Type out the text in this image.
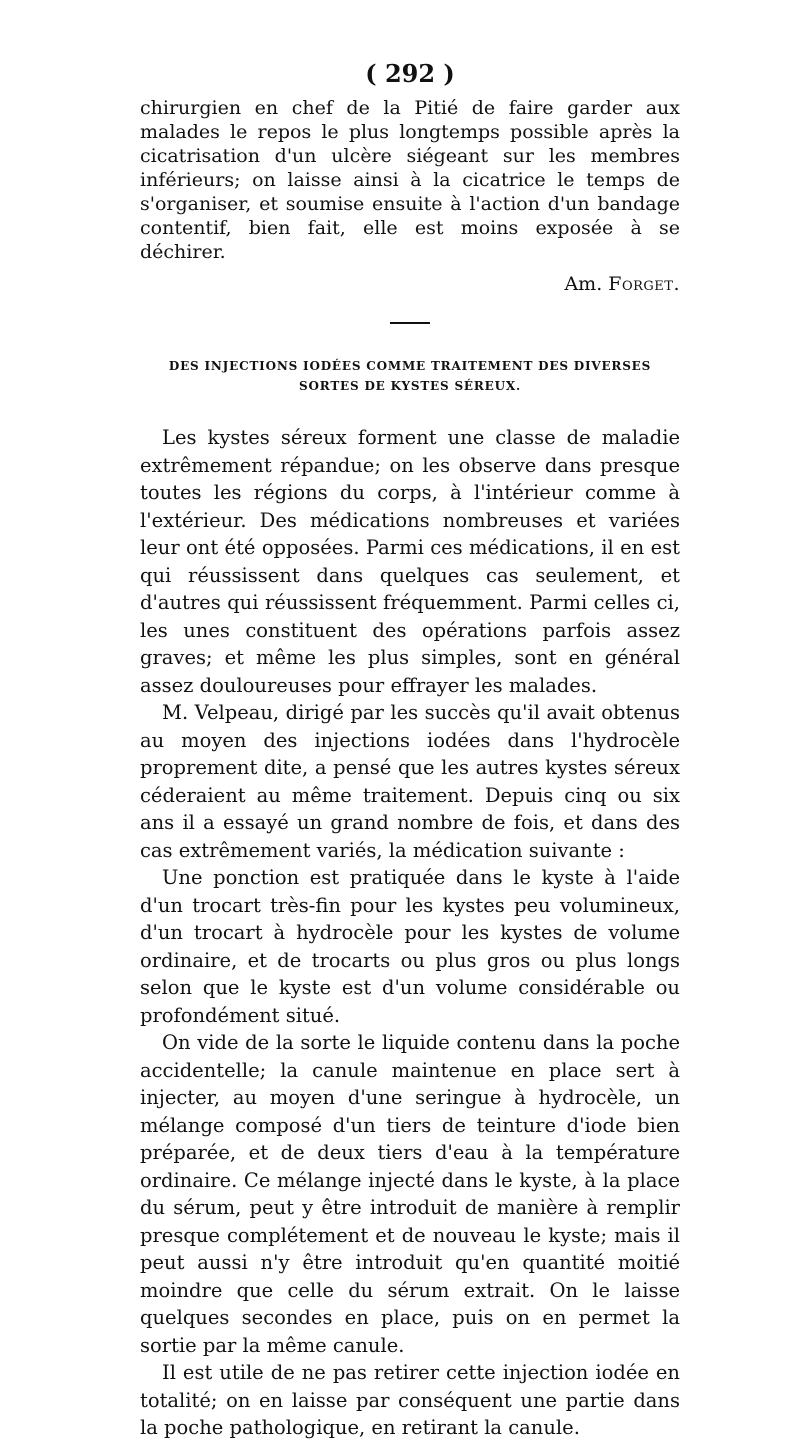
( 292 )

chirurgien en chef de la Pitié de faire garder aux malades le repos le plus longtemps possible après la cicatrisation d'un ulcère siégeant sur les membres inférieurs; on laisse ainsi à la cicatrice le temps de s'organiser, et soumise ensuite à l'action d'un bandage contentif, bien fait, elle est moins exposée à se déchirer.

Am. Forget.

DES INJECTIONS IODÉES COMME TRAITEMENT DES DIVERSES SORTES DE KYSTES SÉREUX.

Les kystes séreux forment une classe de maladie extrêmement répandue; on les observe dans presque toutes les régions du corps, à l'intérieur comme à l'extérieur. Des médications nombreuses et variées leur ont été opposées. Parmi ces médications, il en est qui réussissent dans quelques cas seulement, et d'autres qui réussissent fréquemment. Parmi celles ci, les unes constituent des opérations parfois assez graves; et même les plus simples, sont en général assez douloureuses pour effrayer les malades.

M. Velpeau, dirigé par les succès qu'il avait obtenus au moyen des injections iodées dans l'hydrocèle proprement dite, a pensé que les autres kystes séreux céderaient au même traitement. Depuis cinq ou six ans il a essayé un grand nombre de fois, et dans des cas extrêmement variés, la médication suivante :

Une ponction est pratiquée dans le kyste à l'aide d'un trocart très-fin pour les kystes peu volumineux, d'un trocart à hydrocèle pour les kystes de volume ordinaire, et de trocarts ou plus gros ou plus longs selon que le kyste est d'un volume considérable ou profondément situé.

On vide de la sorte le liquide contenu dans la poche accidentelle; la canule maintenue en place sert à injecter, au moyen d'une seringue à hydrocèle, un mélange composé d'un tiers de teinture d'iode bien préparée, et de deux tiers d'eau à la température ordinaire. Ce mélange injecté dans le kyste, à la place du sérum, peut y être introduit de manière à remplir presque complétement et de nouveau le kyste; mais il peut aussi n'y être introduit qu'en quantité moitié moindre que celle du sérum extrait. On le laisse quelques secondes en place, puis on en permet la sortie par la même canule.

Il est utile de ne pas retirer cette injection iodée en totalité; on en laisse par conséquent une partie dans la poche pathologique, en retirant la canule.
